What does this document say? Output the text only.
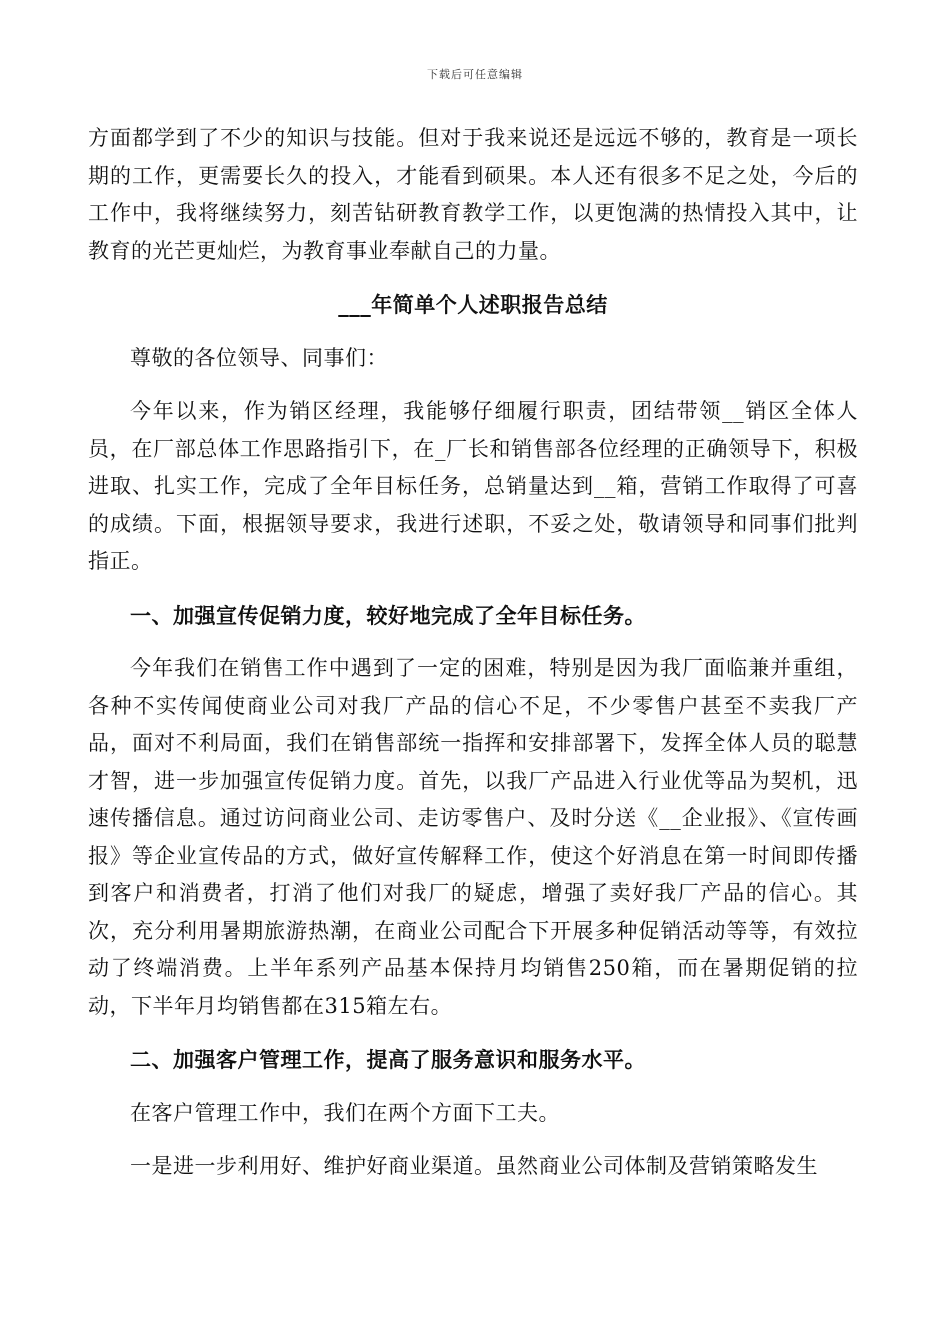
下载后可任意编辑

方面都学到了不少的知识与技能。但对于我来说还是远远不够的，教育是一项长期的工作，更需要长久的投入，才能看到硕果。本人还有很多不足之处，今后的工作中，我将继续努力，刻苦钻研教育教学工作，以更饱满的热情投入其中，让教育的光芒更灿烂，为教育事业奉献自己的力量。

___年简单个人述职报告总结

尊敬的各位领导、同事们：

今年以来，作为销区经理，我能够仔细履行职责，团结带领__销区全体人员，在厂部总体工作思路指引下，在_厂长和销售部各位经理的正确领导下，积极进取、扎实工作，完成了全年目标任务，总销量达到__箱，营销工作取得了可喜的成绩。下面，根据领导要求，我进行述职，不妥之处，敬请领导和同事们批判指正。

一、加强宣传促销力度，较好地完成了全年目标任务。

今年我们在销售工作中遇到了一定的困难，特别是因为我厂面临兼并重组，各种不实传闻使商业公司对我厂产品的信心不足，不少零售户甚至不卖我厂产品，面对不利局面，我们在销售部统一指挥和安排部署下，发挥全体人员的聪慧才智，进一步加强宣传促销力度。首先，以我厂产品进入行业优等品为契机，迅速传播信息。通过访问商业公司、走访零售户、及时分送《__企业报》、《宣传画报》等企业宣传品的方式，做好宣传解释工作，使这个好消息在第一时间即传播到客户和消费者，打消了他们对我厂的疑虑，增强了卖好我厂产品的信心。其次，充分利用暑期旅游热潮，在商业公司配合下开展多种促销活动等等，有效拉动了终端消费。上半年系列产品基本保持月均销售250箱，而在暑期促销的拉动，下半年月均销售都在315箱左右。

二、加强客户管理工作，提高了服务意识和服务水平。

在客户管理工作中，我们在两个方面下工夫。

一是进一步利用好、维护好商业渠道。虽然商业公司体制及营销策略发生
